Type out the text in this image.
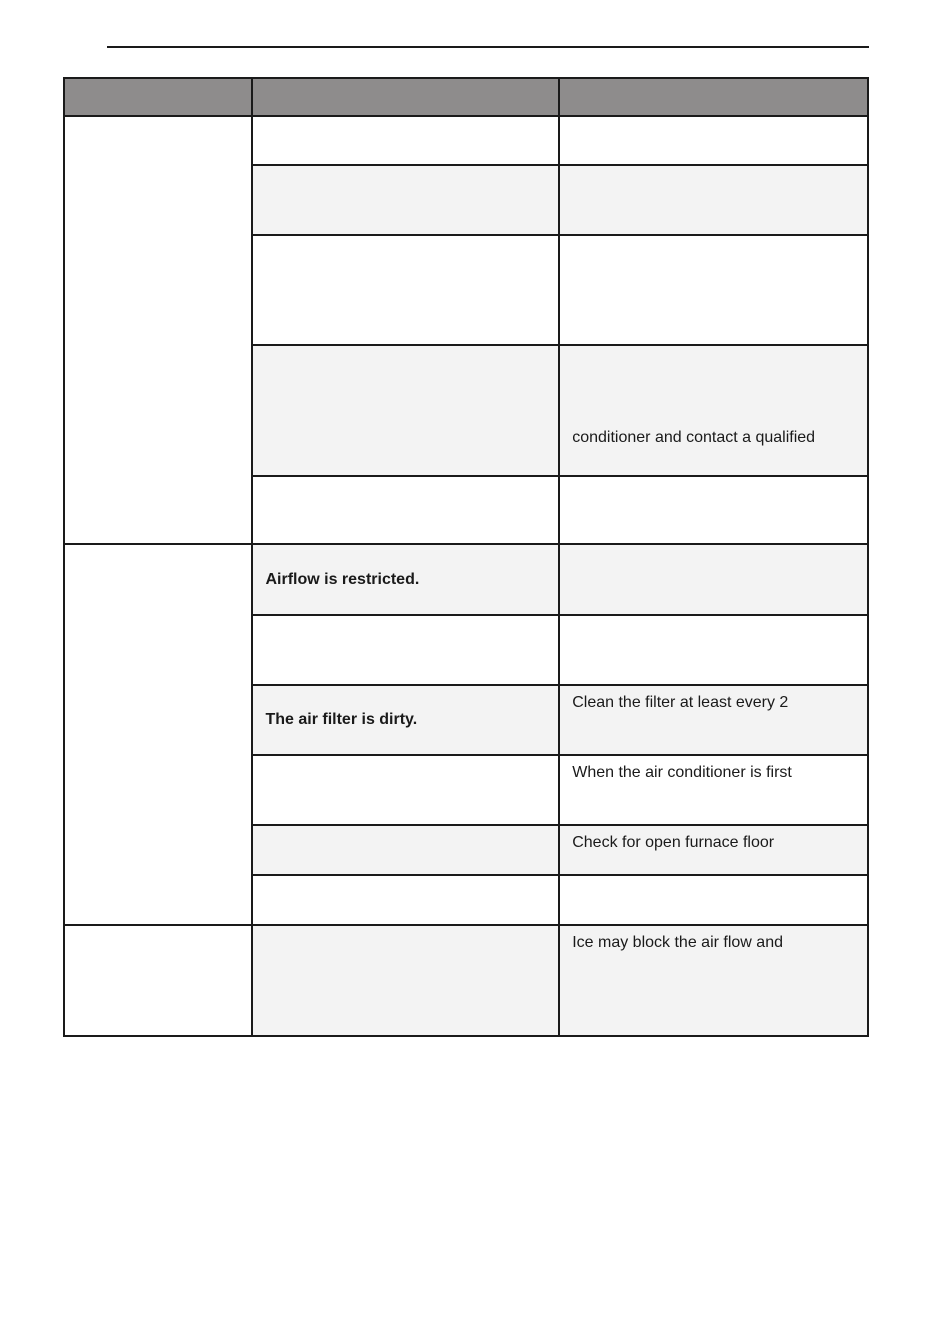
		conditioner and contact a qualified

	Airflow is restricted.	

	The air filter is dirty.	Clean the filter at least every 2
		When the air conditioner is first
		Check for open furnace floor

		Ice may block the air flow and
